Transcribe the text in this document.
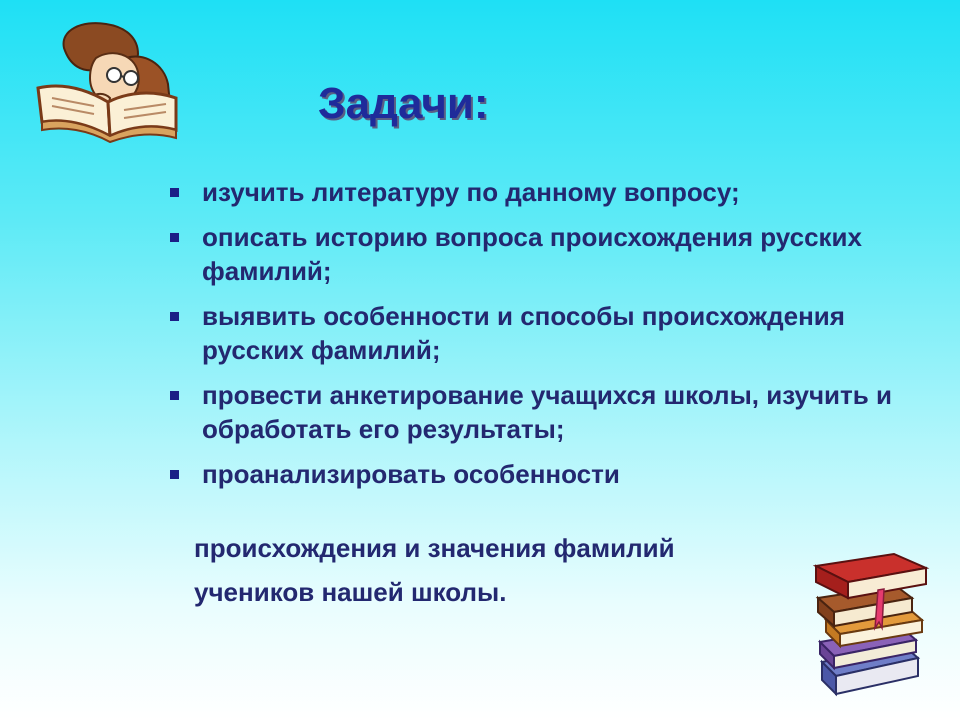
Задачи:
изучить литературу по данному вопросу;
описать историю вопроса происхождения русских фамилий;
выявить особенности и способы происхождения русских фамилий;
провести анкетирование учащихся школы, изучить и обработать его результаты;
проанализировать особенности

происхождения и значения фамилий

учеников нашей школы.
